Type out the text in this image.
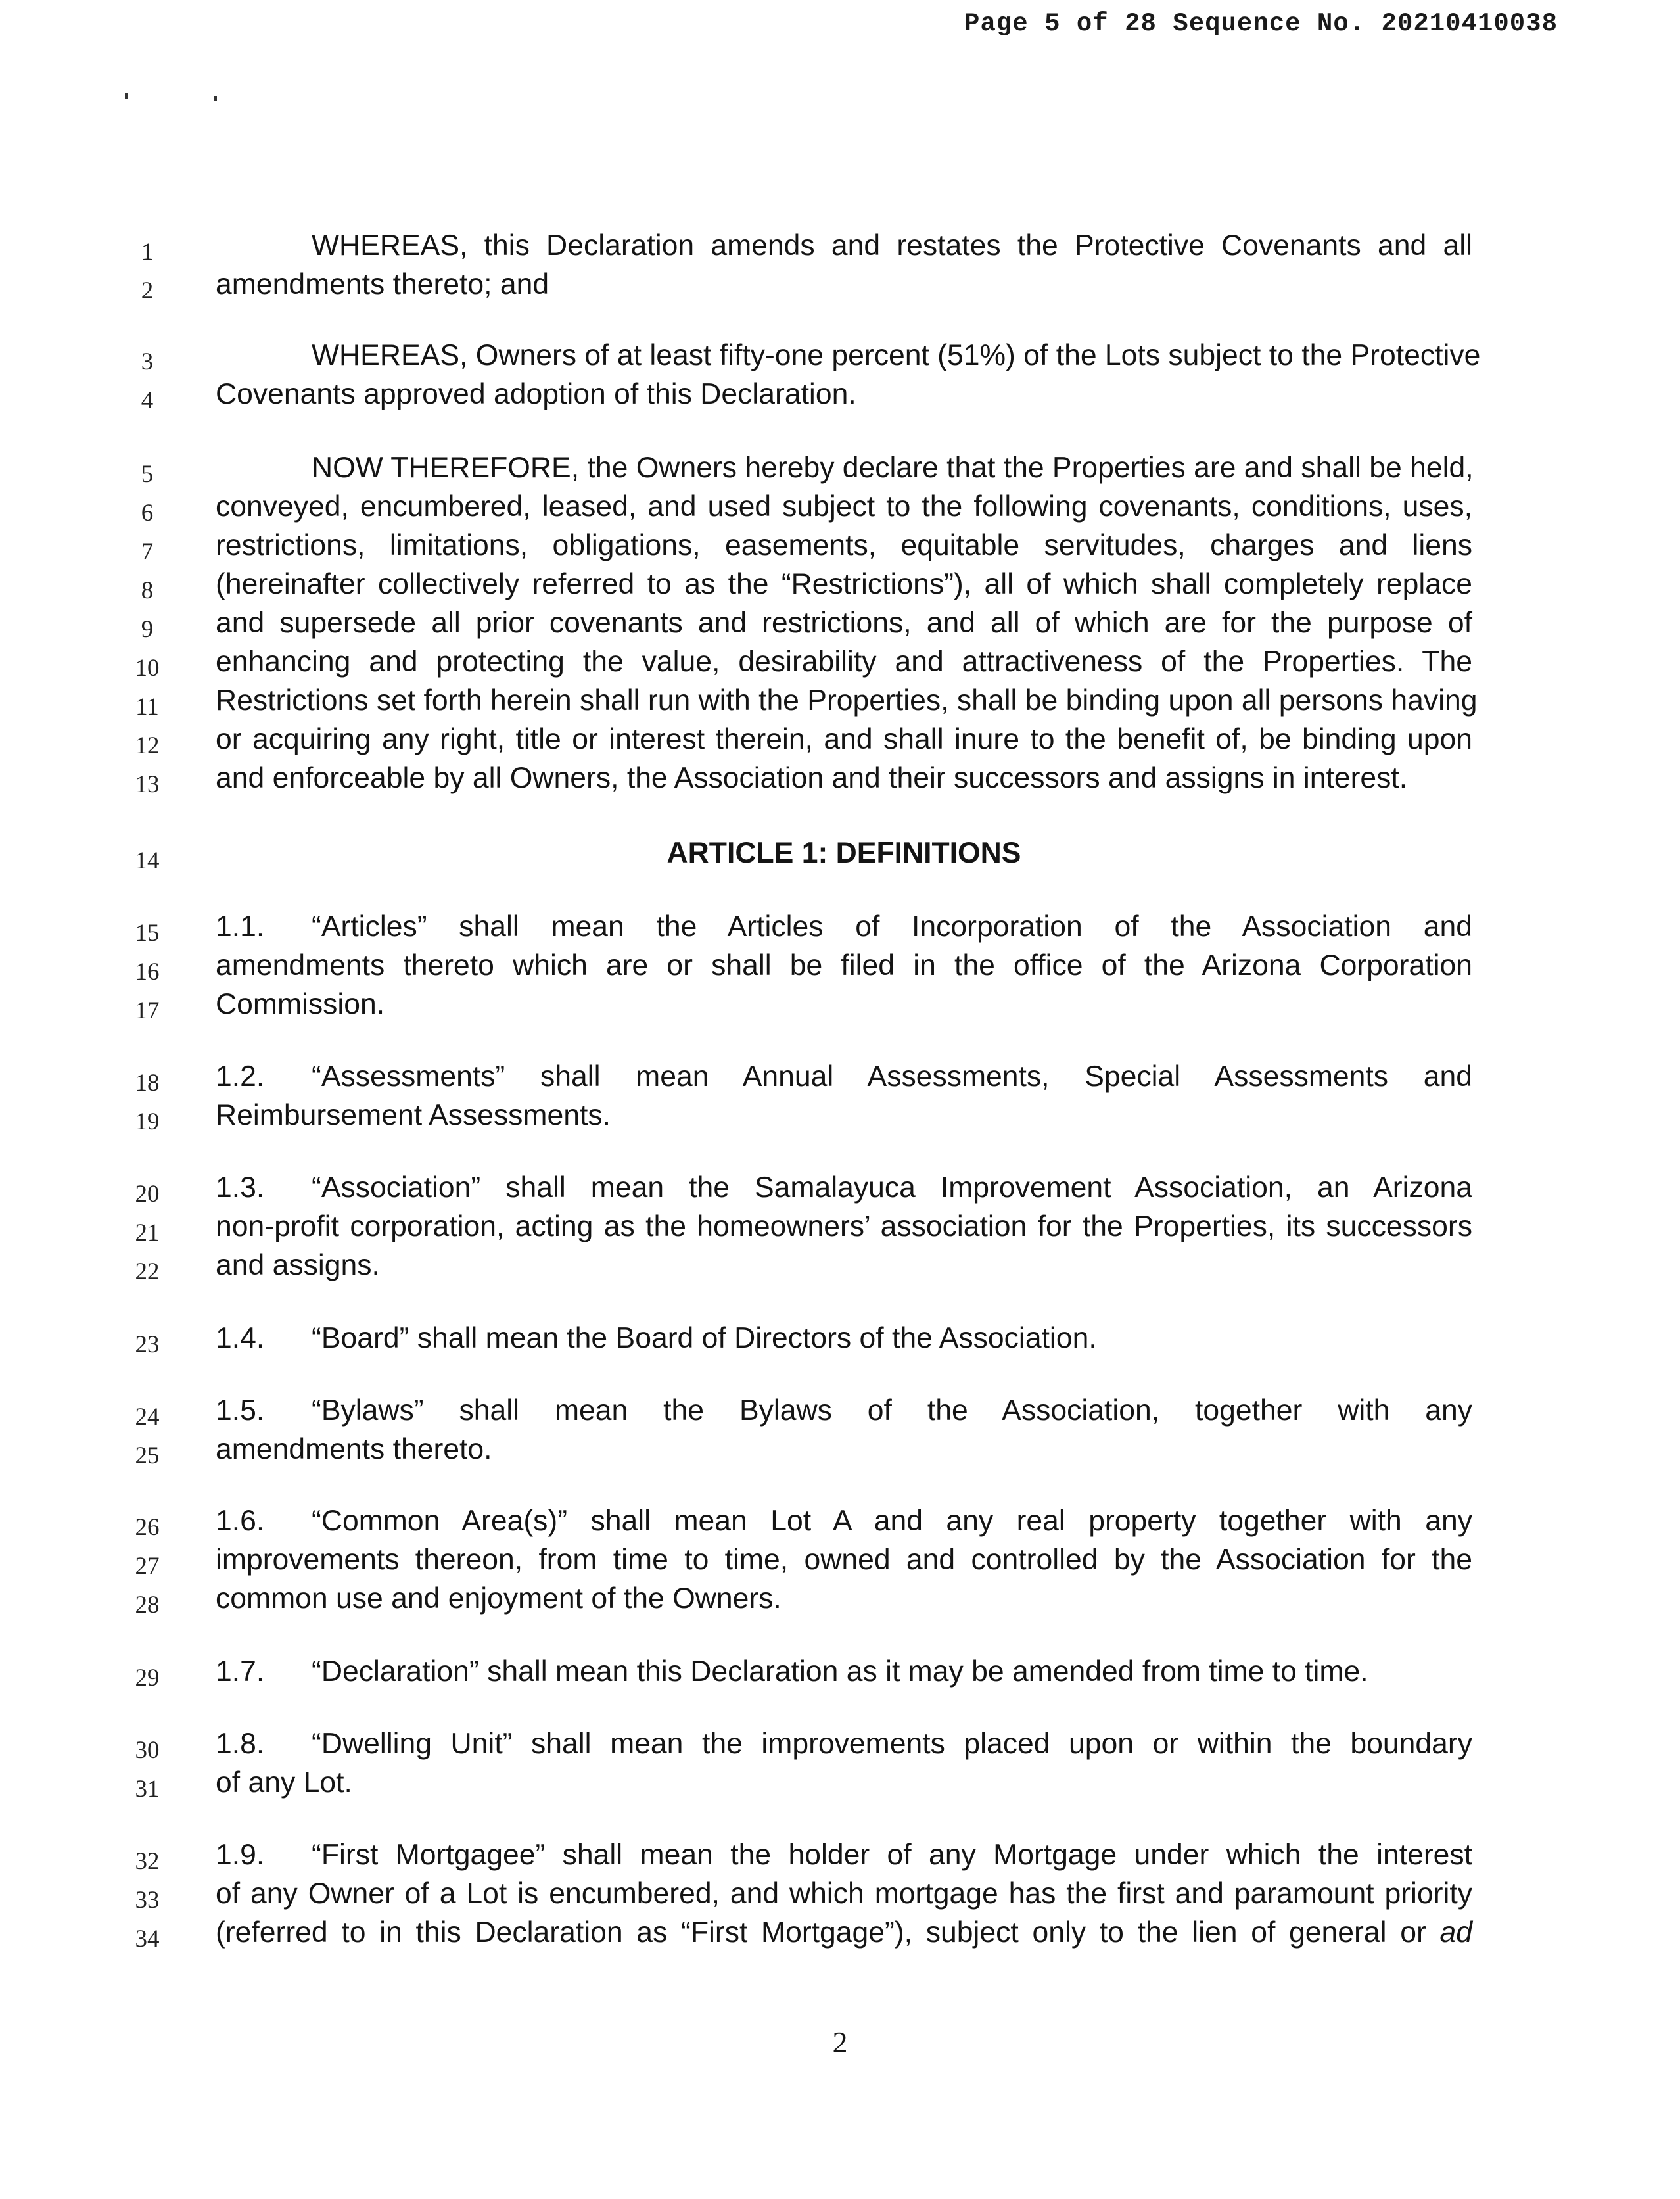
Page 5 of 28 Sequence No. 20210410038
1
2
3
4
5
6
7
8
9
10
11
12
13
14
15
16
17
18
19
20
21
22
23
24
25
26
27
28
29
30
31
32
33
34
WHEREAS, this Declaration amends and restates the Protective Covenants and all
amendments thereto; and
WHEREAS, Owners of at least fifty-one percent (51%) of the Lots subject to the Protective
Covenants approved adoption of this Declaration.
NOW THEREFORE, the Owners hereby declare that the Properties are and shall be held,
conveyed, encumbered, leased, and used subject to the following covenants, conditions, uses,
restrictions, limitations, obligations, easements, equitable servitudes, charges and liens
(hereinafter collectively referred to as the “Restrictions”), all of which shall completely replace
and supersede all prior covenants and restrictions, and all of which are for the purpose of
enhancing and protecting the value, desirability and attractiveness of the Properties. The
Restrictions set forth herein shall run with the Properties, shall be binding upon all persons having
or acquiring any right, title or interest therein, and shall inure to the benefit of, be binding upon
and enforceable by all Owners, the Association and their successors and assigns in interest.
ARTICLE 1: DEFINITIONS
1.1. “Articles” shall mean the Articles of Incorporation of the Association and
amendments thereto which are or shall be filed in the office of the Arizona Corporation
Commission.
1.2. “Assessments” shall mean Annual Assessments, Special Assessments and
Reimbursement Assessments.
1.3. “Association” shall mean the Samalayuca Improvement Association, an Arizona
non-profit corporation, acting as the homeowners’ association for the Properties, its successors
and assigns.
1.4. “Board” shall mean the Board of Directors of the Association.
1.5. “Bylaws” shall mean the Bylaws of the Association, together with any
amendments thereto.
1.6. “Common Area(s)” shall mean Lot A and any real property together with any
improvements thereon, from time to time, owned and controlled by the Association for the
common use and enjoyment of the Owners.
1.7. “Declaration” shall mean this Declaration as it may be amended from time to time.
1.8. “Dwelling Unit” shall mean the improvements placed upon or within the boundary
of any Lot.
1.9. “First Mortgagee” shall mean the holder of any Mortgage under which the interest
of any Owner of a Lot is encumbered, and which mortgage has the first and paramount priority
(referred to in this Declaration as “First Mortgage”), subject only to the lien of general or ad
2
